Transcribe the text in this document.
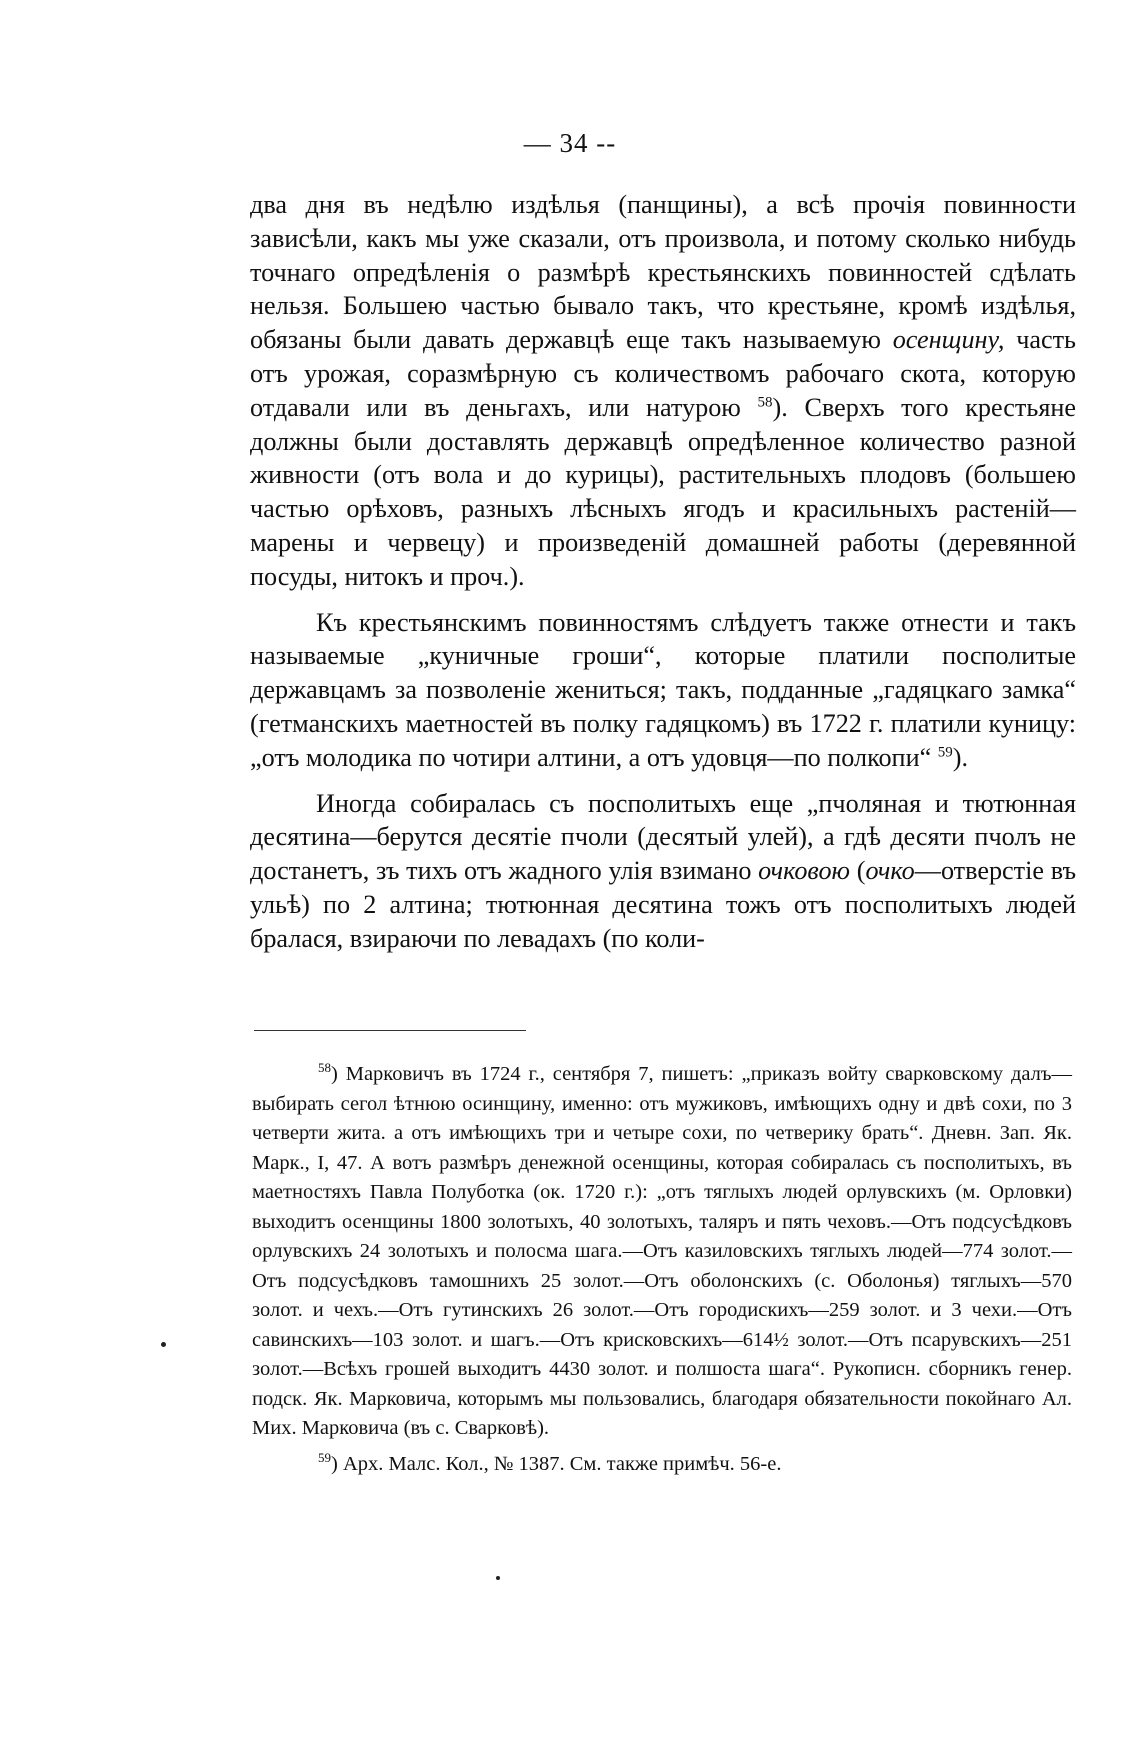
— 34 --

два дня въ недѣлю издѣлья (панщины), а всѣ прочія повинности зависѣли, какъ мы уже сказали, отъ произвола, и потому сколько нибудь точнаго опредѣленія о размѣрѣ крестьянскихъ повинностей сдѣлать нельзя. Большею частью бывало такъ, что крестьяне, кромѣ издѣлья, обязаны были давать державцѣ еще такъ называемую осенщину, часть отъ урожая, соразмѣрную съ количествомъ рабочаго скота, которую отдавали или въ деньгахъ, или натурою $^{58}$). Сверхъ того крестьяне должны были доставлять державцѣ опредѣленное количество разной живности (отъ вола и до курицы), растительныхъ плодовъ (большею частью орѣховъ, разныхъ лѣсныхъ ягодъ и красильныхъ растеній—марены и червецу) и произведеній домашней работы (деревянной посуды, нитокъ и проч.).

Къ крестьянскимъ повинностямъ слѣдуетъ также отнести и такъ называемые „куничные гроши“, которые платили посполитые державцамъ за позволеніе жениться; такъ, подданные „гадяцкаго замка“ (гетманскихъ маетностей въ полку гадяцкомъ) въ 1722 г. платили куницу: „отъ молодика по чотири алтини, а отъ удовця—по полкопи“ $^{59}$).

Иногда собиралась съ посполитыхъ еще „пчоляная и тютюнная десятина—берутся десятіе пчоли (десятый улей), а гдѣ десяти пчолъ не достанетъ, зъ тихъ отъ жадного улія взимано очковою (очко—отверстіе въ ульѣ) по 2 алтина; тютюнная десятина тожъ отъ посполитыхъ людей бралася, взираючи по левадахъ (по коли-

$^{58}$) Марковичъ въ 1724 г., сентября 7, пишетъ: „приказъ войту сварковскому далъ—выбирать сегол ѣтнюю осинщину, именно: отъ мужиковъ, имѣющихъ одну и двѣ сохи, по 3 четверти жита. а отъ имѣющихъ три и четыре сохи, по четверику брать“. Дневн. Зап. Як. Марк., I, 47. А вотъ размѣръ денежной осенщины, которая собиралась съ посполитыхъ, въ маетностяхъ Павла Полуботка (ок. 1720 г.): „отъ тяглыхъ людей орлувскихъ (м. Орловки) выходитъ осенщины 1800 золотыхъ, 40 золотыхъ, таляръ и пять чеховъ.—Отъ подсусѣдковъ орлувскихъ 24 золотыхъ и полосма шага.—Отъ казиловскихъ тяглыхъ людей—774 золот.—Отъ подсусѣдковъ тамошнихъ 25 золот.—Отъ оболонскихъ (с. Оболонья) тяглыхъ—570 золот. и чехъ.—Отъ гутинскихъ 26 золот.—Отъ городискихъ—259 золот. и 3 чехи.—Отъ савинскихъ—103 золот. и шагъ.—Отъ крисковскихъ—614½ золот.—Отъ псарувскихъ—251 золот.—Всѣхъ грошей выходитъ 4430 золот. и полшоста шага“. Рукописн. сборникъ генер. подск. Як. Марковича, которымъ мы пользовались, благодаря обязательности покойнаго Ал. Мих. Марковича (въ с. Сварковѣ).

$^{59}$) Арх. Малс. Кол., № 1387. См. также примѣч. 56-е.
